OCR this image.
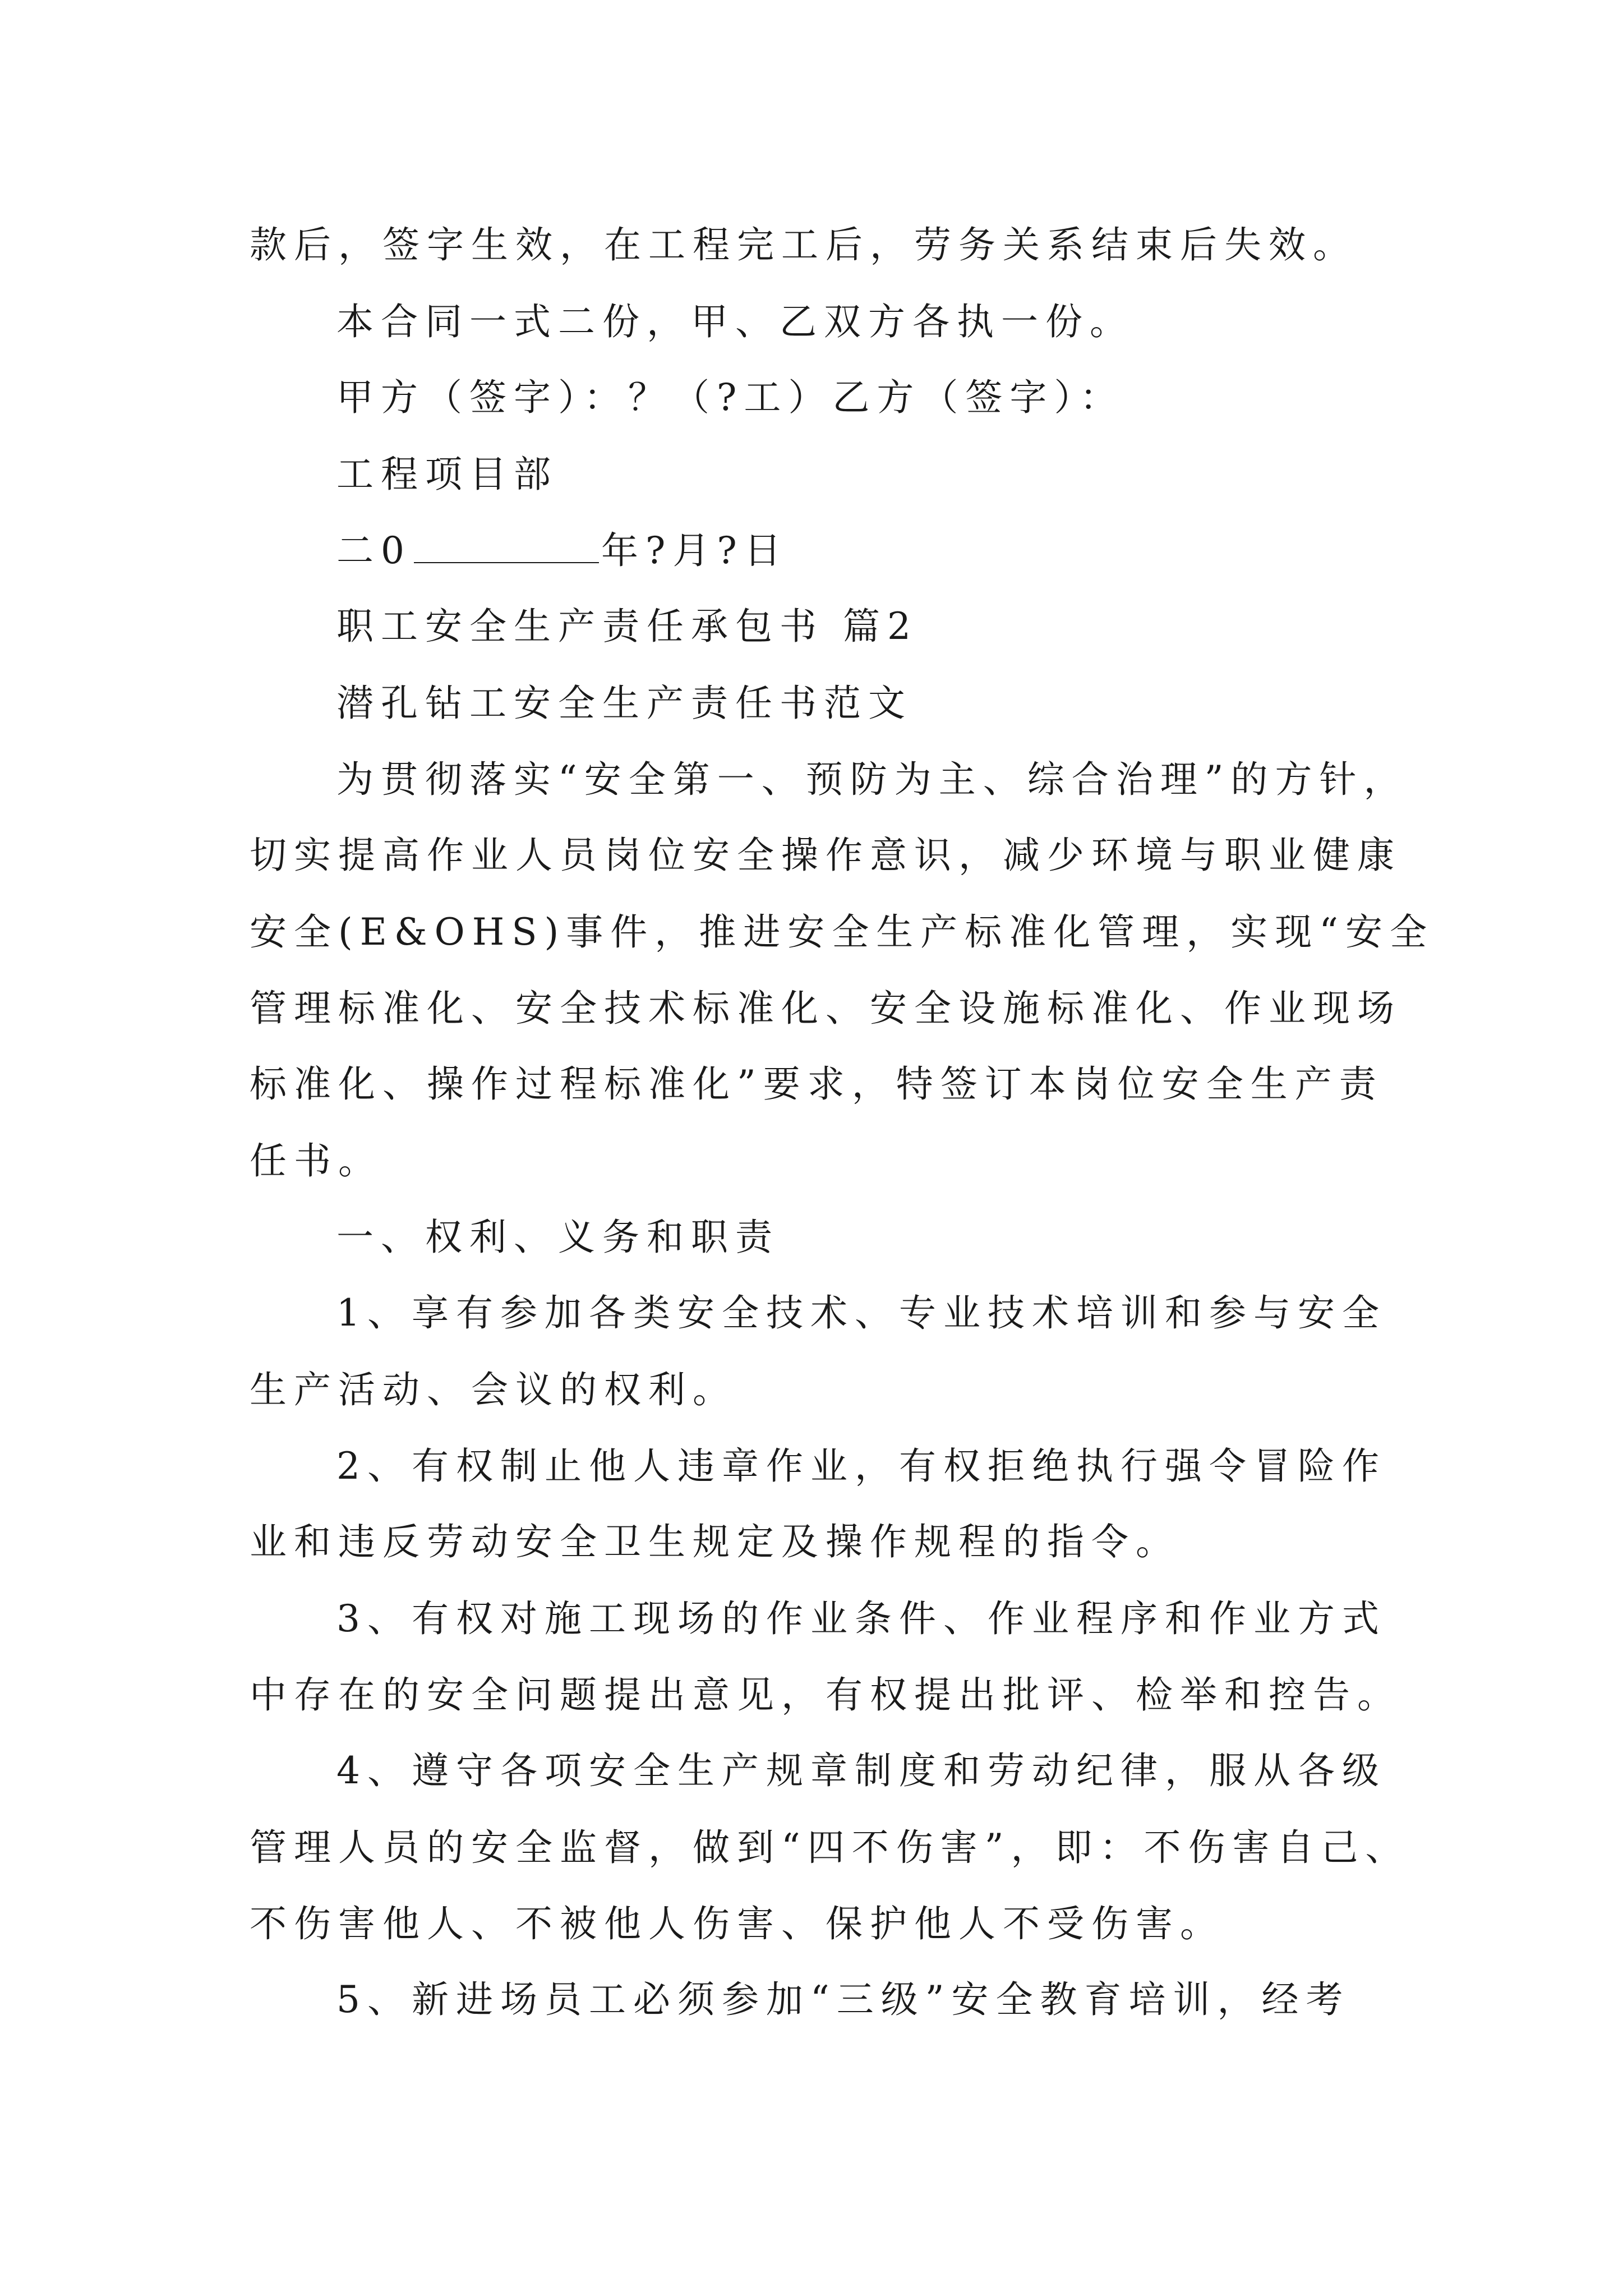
款后，签字生效，在工程完工后，劳务关系结束后失效。
本合同一式二份，甲、乙双方各执一份。
甲方（签字）：？（?工）乙方（签字）：
工程项目部
二0	年?月?日
职工安全生产责任承包书 篇2
潜孔钻工安全生产责任书范文
为贯彻落实“安全第一、预防为主、综合治理”的方针，
切实提高作业人员岗位安全操作意识，减少环境与职业健康
安全(E&OHS)事件，推进安全生产标准化管理，实现“安全
管理标准化、安全技术标准化、安全设施标准化、作业现场
标准化、操作过程标准化”要求，特签订本岗位安全生产责
任书。
一、权利、义务和职责
1、享有参加各类安全技术、专业技术培训和参与安全
生产活动、会议的权利。
2、有权制止他人违章作业，有权拒绝执行强令冒险作
业和违反劳动安全卫生规定及操作规程的指令。
3、有权对施工现场的作业条件、作业程序和作业方式
中存在的安全问题提出意见，有权提出批评、检举和控告。
4、遵守各项安全生产规章制度和劳动纪律，服从各级
管理人员的安全监督，做到“四不伤害”，即：不伤害自己、
不伤害他人、不被他人伤害、保护他人不受伤害。
5、新进场员工必须参加“三级”安全教育培训，经考
